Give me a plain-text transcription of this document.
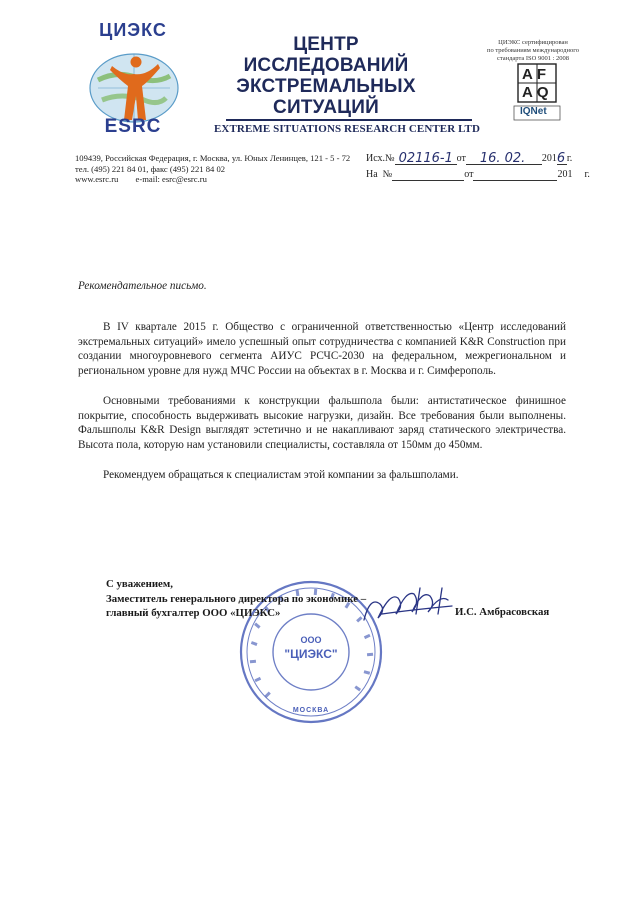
ЦИЭКС
ESRC
ЦЕНТР
ИССЛЕДОВАНИЙ
ЭКСТРЕМАЛЬНЫХ
СИТУАЦИЙ
EXTREME SITUATIONS RESEARCH CENTER LTD
ЦИЭКС сертифицирован
по требованиям международного
стандарта ISO 9001 : 2008
AF
AQ
IQNet
109439, Российская Федерация, г. Москва, ул. Юных Ленинцев, 121 - 5 - 72
тел. (495) 221 84 01, факс (495) 221 84 02
www.esrc.ru        e-mail: esrc@esrc.ru
Исх.№ 02116-1 от 16. 02. 201 6 г.
На  №	от	201 г.
Рекомендательное письмо.

В IV квартале 2015 г. Общество с ограниченной ответственностью «Центр исследований экстремальных ситуаций» имело успешный опыт сотрудничества с компанией K&R Construction при создании многоуровневого сегмента АИУС РСЧС-2030 на федеральном, межрегиональном и региональном уровне для нужд МЧС России на объектах в г. Москва и г. Симферополь.

Основными требованиями к конструкции фальшпола были: антистатическое финишное покрытие, способность выдерживать высокие нагрузки, дизайн. Все требования были выполнены. Фальшполы K&R Design выглядят эстетично и не накапливают заряд статического электричества. Высота пола, которую нам установили специалисты, составляла от 150мм до 450мм.

Рекомендуем обращаться к специалистам этой компании за фальшполами.

ООО
"ЦИЭКС"
МОСКВА
С уважением,
Заместитель генерального директора по экономике –
главный бухгалтер ООО «ЦИЭКС»	И.С. Амбрасовская
